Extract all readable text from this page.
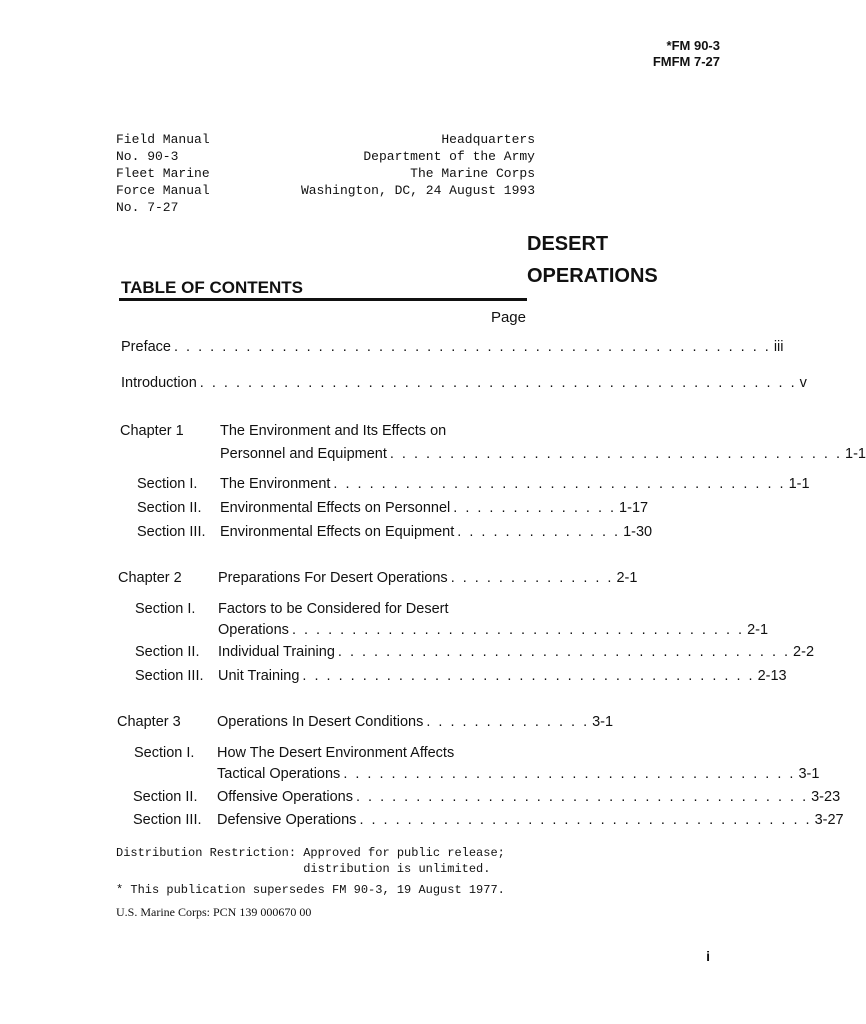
*FM 90-3
FMFM 7-27
Field Manual
No. 90-3
Fleet Marine
Force Manual
No. 7-27
Headquarters
Department of the Army
The Marine Corps
Washington, DC, 24 August 1993
DESERT
OPERATIONS
TABLE OF CONTENTS
Page
Preface . . . . . . . . . . . . . . . . . . . . . . . . . . . . . . . . . . . . . . . . . . . . . . . . . . iii
Introduction . . . . . . . . . . . . . . . . . . . . . . . . . . . . . . . . . . . . . . . . . . . . . . . . . . v
Chapter 1	The Environment and Its Effects on
Personnel and Equipment . . . . . . . . . . . . . . . . . . . . . . . . . . . . . . . . . . . . . . 1-1
Section I. The Environment . . . . . . . . . . . . . . . . . . . . . . . . . . . . . . . . . . . . . . 1-1
Section II. Environmental Effects on Personnel . . . . . . . . . . . . . . 1-17
Section III. Environmental Effects on Equipment . . . . . . . . . . . . . . 1-30
Chapter 2	Preparations For Desert Operations . . . . . . . . . . . . . . 2-1
Section I. Factors to be Considered for Desert
Operations . . . . . . . . . . . . . . . . . . . . . . . . . . . . . . . . . . . . . . 2-1
Section II. Individual Training . . . . . . . . . . . . . . . . . . . . . . . . . . . . . . . . . . . . . . 2-2
Section III. Unit Training . . . . . . . . . . . . . . . . . . . . . . . . . . . . . . . . . . . . . . 2-13
Chapter 3	Operations In Desert Conditions . . . . . . . . . . . . . . 3-1
Section I. How The Desert Environment Affects
Tactical Operations . . . . . . . . . . . . . . . . . . . . . . . . . . . . . . . . . . . . . . 3-1
Section II. Offensive Operations . . . . . . . . . . . . . . . . . . . . . . . . . . . . . . . . . . . . . . 3-23
Section III. Defensive Operations . . . . . . . . . . . . . . . . . . . . . . . . . . . . . . . . . . . . . . 3-27
Distribution Restriction: Approved for public release;
distribution is unlimited.
* This publication supersedes FM 90-3, 19 August 1977.
U.S. Marine Corps: PCN 139 000670 00
i
